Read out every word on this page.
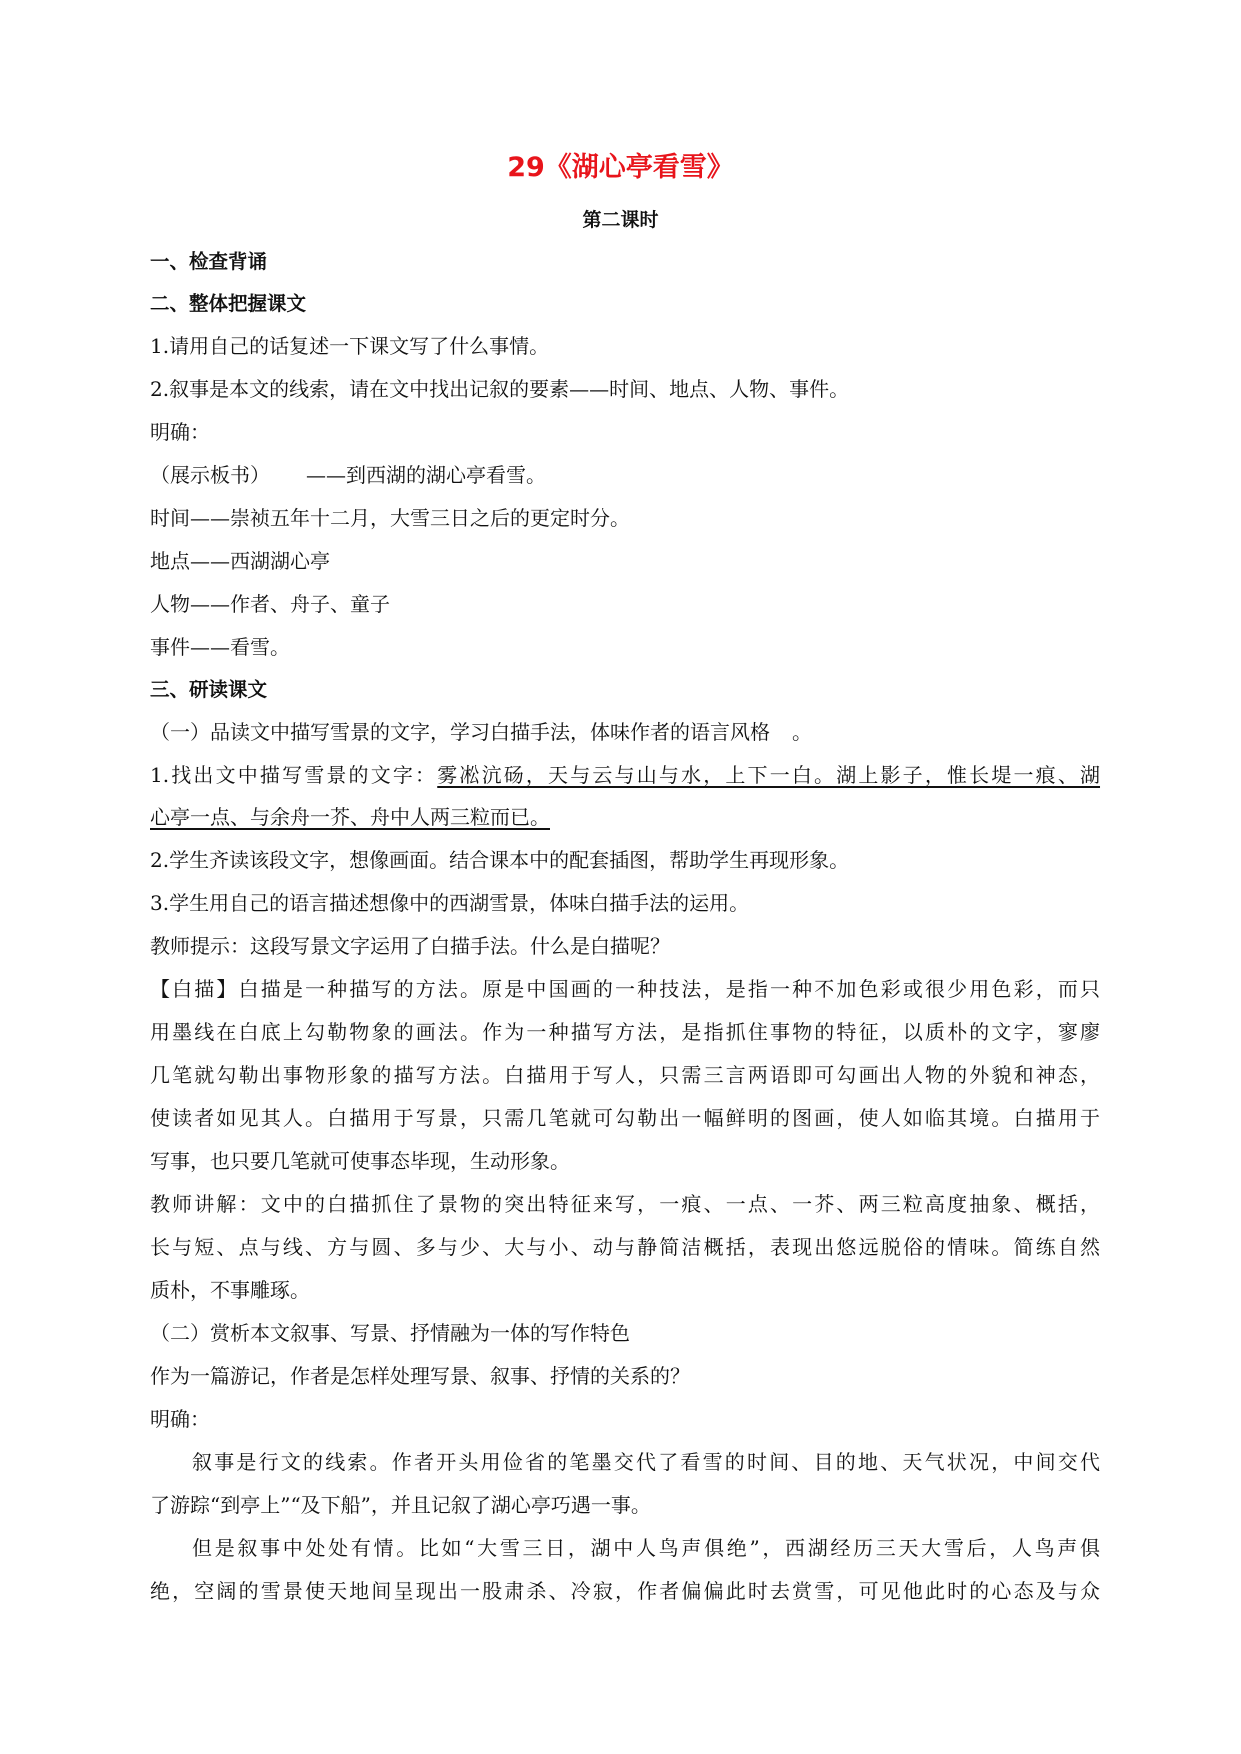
29《湖心亭看雪》
第二课时
一、检查背诵
二、整体把握课文
1.请用自己的话复述一下课文写了什么事情。
2.叙事是本文的线索，请在文中找出记叙的要素——时间、地点、人物、事件。
明确：
（展示板书） ——到西湖的湖心亭看雪。
时间——崇祯五年十二月，大雪三日之后的更定时分。
地点——西湖湖心亭
人物——作者、舟子、童子
事件——看雪。
三、研读课文
（一）品读文中描写雪景的文字，学习白描手法，体味作者的语言风格 。
1.找出文中描写雪景的文字：雾凇沆砀，天与云与山与水，上下一白。湖上影子，惟长堤一痕、湖
心亭一点、与余舟一芥、舟中人两三粒而已。
2.学生齐读该段文字，想像画面。结合课本中的配套插图，帮助学生再现形象。
3.学生用自己的语言描述想像中的西湖雪景，体味白描手法的运用。
教师提示：这段写景文字运用了白描手法。什么是白描呢？
【白描】白描是一种描写的方法。原是中国画的一种技法，是指一种不加色彩或很少用色彩，而只
用墨线在白底上勾勒物象的画法。作为一种描写方法，是指抓住事物的特征，以质朴的文字，寥廖
几笔就勾勒出事物形象的描写方法。白描用于写人，只需三言两语即可勾画出人物的外貌和神态，
使读者如见其人。白描用于写景，只需几笔就可勾勒出一幅鲜明的图画，使人如临其境。白描用于
写事，也只要几笔就可使事态毕现，生动形象。
教师讲解：文中的白描抓住了景物的突出特征来写，一痕、一点、一芥、两三粒高度抽象、概括，
长与短、点与线、方与圆、多与少、大与小、动与静简洁概括，表现出悠远脱俗的情味。简练自然
质朴，不事雕琢。
（二）赏析本文叙事、写景、抒情融为一体的写作特色
作为一篇游记，作者是怎样处理写景、叙事、抒情的关系的？
明确：
叙事是行文的线索。作者开头用俭省的笔墨交代了看雪的时间、目的地、天气状况，中间交代
了游踪“到亭上”“及下船”，并且记叙了湖心亭巧遇一事。
但是叙事中处处有情。比如“大雪三日，湖中人鸟声俱绝”，西湖经历三天大雪后，人鸟声俱
绝，空阔的雪景使天地间呈现出一股肃杀、冷寂，作者偏偏此时去赏雪，可见他此时的心态及与众
